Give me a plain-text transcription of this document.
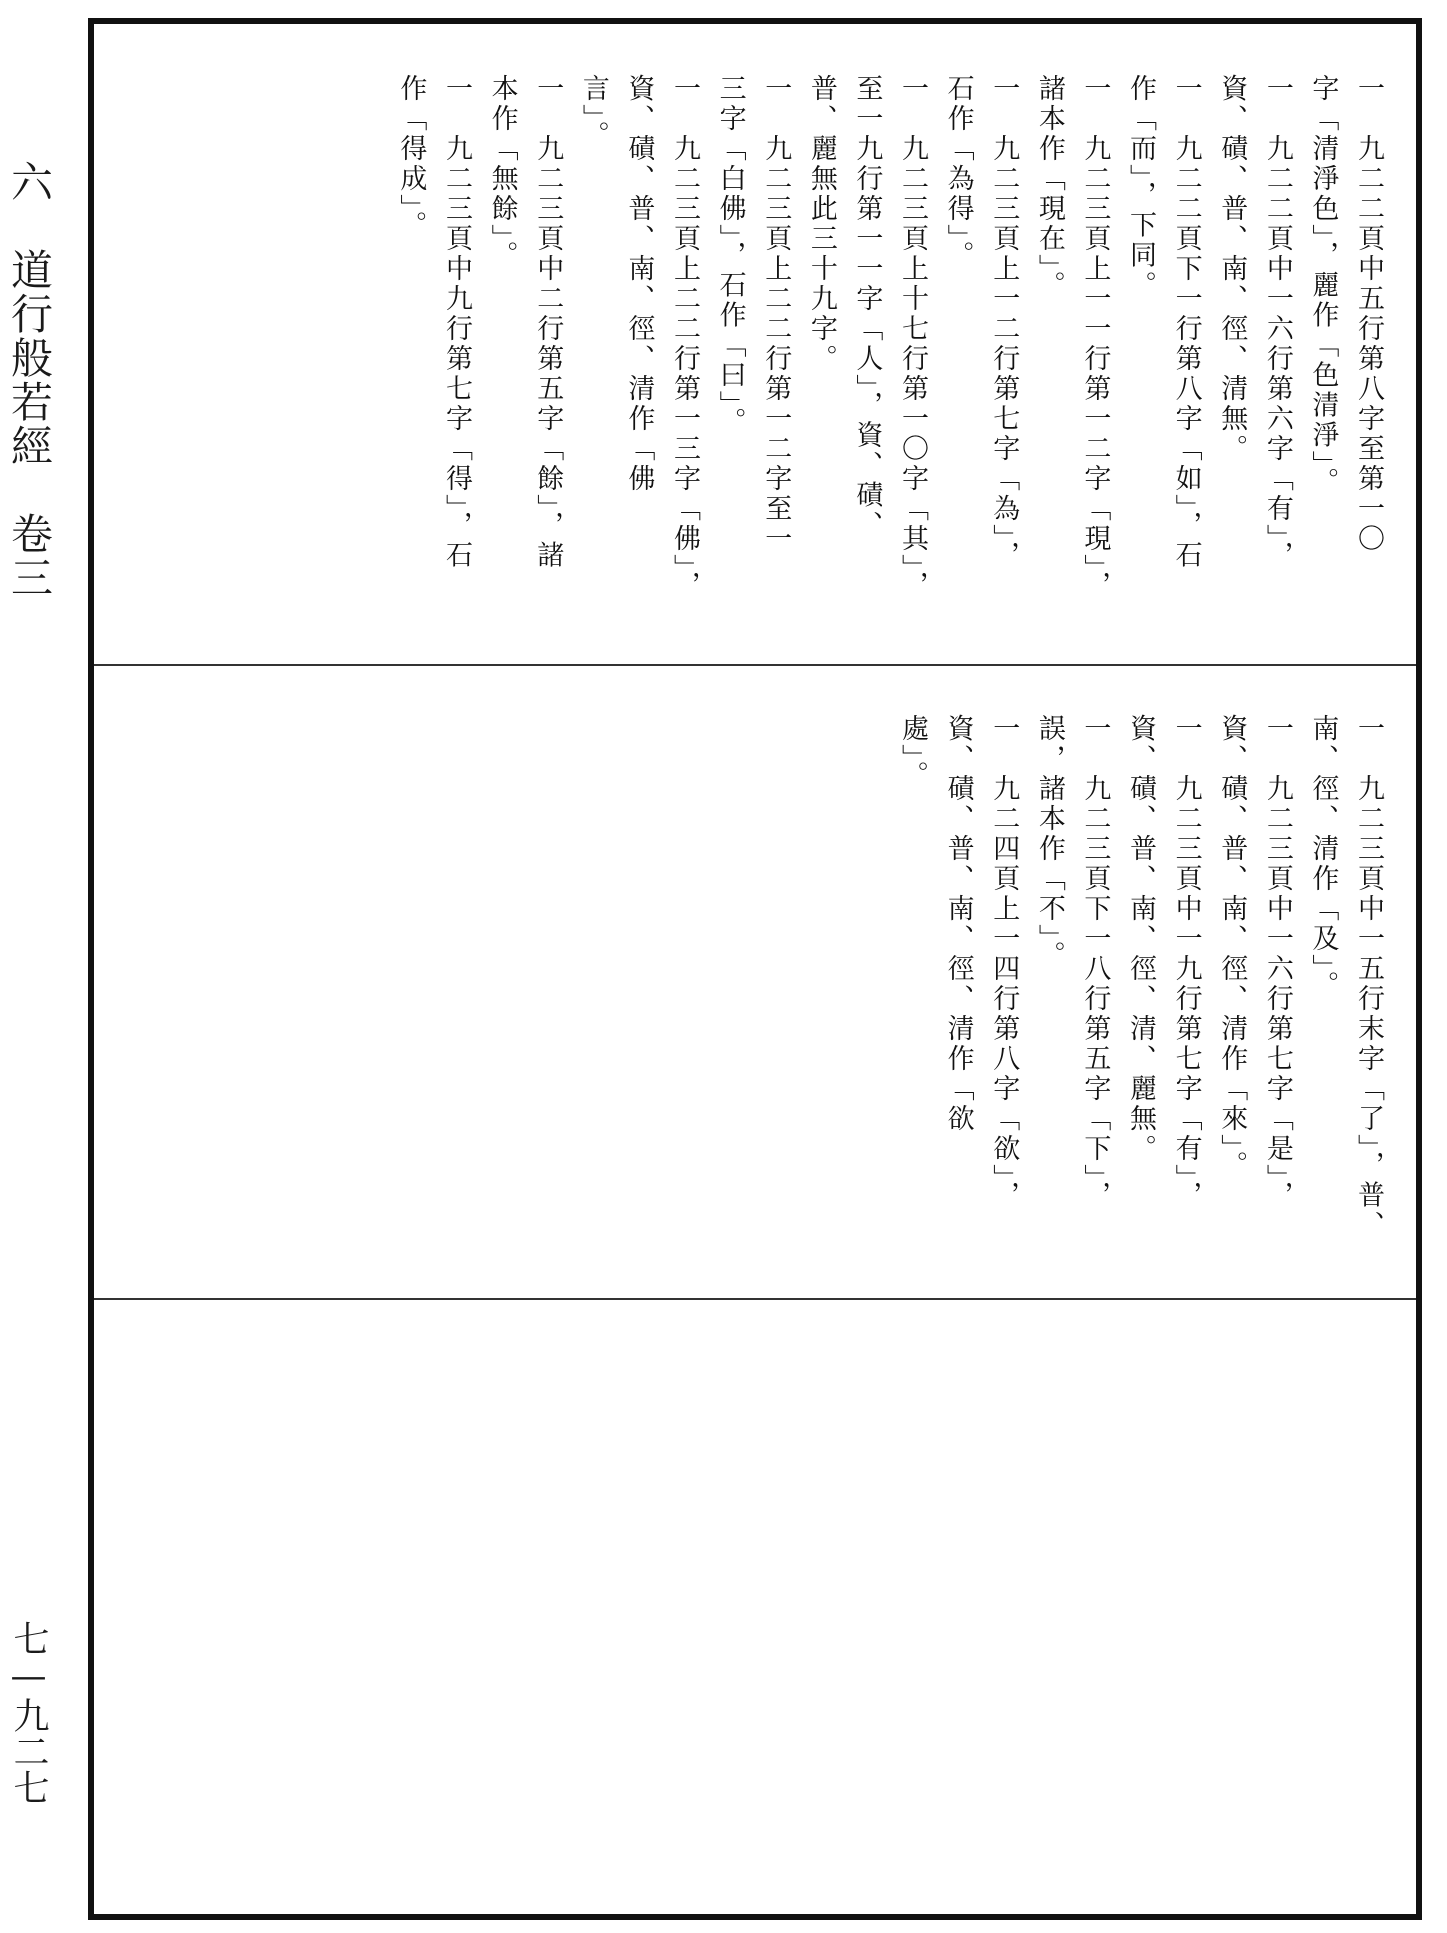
六　道行般若經　卷三
七—九二七
一　九二二頁中五行第八字至第一〇
字「清淨色」，麗作「色清淨」。
一　九二二頁中一六行第六字「有」，
資、磧、普、南、徑、清無。
一　九二二頁下一行第八字「如」，石
作「而」，下同。
一　九二三頁上一一行第一二字「現」，
諸本作「現在」。
一　九二三頁上一二行第七字「為」，
石作「為得」。
一　九二三頁上十七行第一〇字「其」，
至一九行第一一字「人」，資、磧、
普、麗無此三十九字。
一　九二三頁上二二行第一二字至一
三字「白佛」，石作「曰」。
一　九二三頁上二二行第一三字「佛」，
資、磧、普、南、徑、清作「佛
言」。
一　九二三頁中二行第五字「餘」，諸
本作「無餘」。
一　九二三頁中九行第七字「得」，石
作「得成」。
一　九二三頁中一五行末字「了」，普、
南、徑、清作「及」。
一　九二三頁中一六行第七字「是」，
資、磧、普、南、徑、清作「來」。
一　九二三頁中一九行第七字「有」，
資、磧、普、南、徑、清、麗無。
一　九二三頁下一八行第五字「下」，
誤，諸本作「不」。
一　九二四頁上一四行第八字「欲」，
資、磧、普、南、徑、清作「欲
處」。
